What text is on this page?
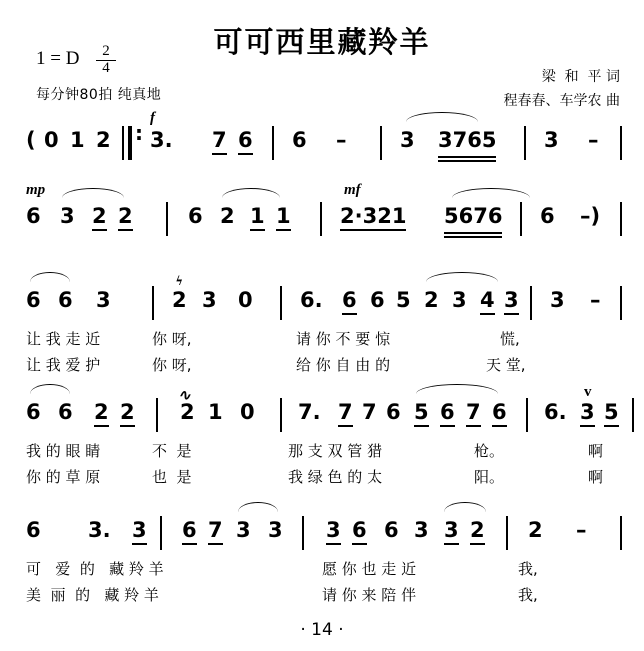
可可西里藏羚羊
1 = D $\frac{2}{4}$
每分钟80拍 纯真地
梁  和  平 词
程春春、车学农 曲
( 0 1 2 :
f
3. 7 6 6 –	3 3765 3 –
mp
6 3 2 2	6 2 1 1
mf
2·321 5676 6 –)
6 6 3
ϟ
2 3 0 6. 6 6 5 2 3 4 3 3 –
让 我 走 近	你 呀,	请 你 不 要 惊	慌,
让 我 爱 护	你 呀,	给 你 自 由 的	天 堂,
6 6 2 2
∿
2 1 0 7. 7 7 6 5 6 7 6 6.
v
3 5
我 的 眼 睛	不  是	那 支 双 管 猎	枪。	啊
你 的 草 原	也  是	我 绿 色 的 太	阳。	啊
6 3. 3 6 7 3 3 3 6 6 3 3 2 2 –
可   爱  的   藏 羚 羊	愿 你 也 走 近	我,
美  丽  的   藏 羚 羊	请 你 来 陪 伴	我,
· 14 ·
